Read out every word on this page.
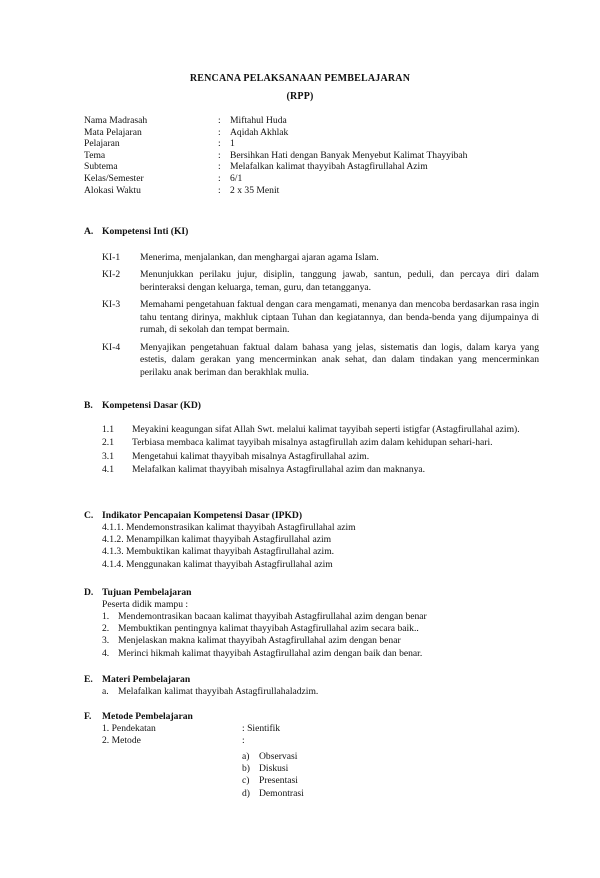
RENCANA PELAKSANAAN PEMBELAJARAN
(RPP)
Nama Madrasah	: Miftahul Huda
Mata Pelajaran	: Aqidah Akhlak
Pelajaran	: 1
Tema	: Bersihkan Hati dengan Banyak Menyebut Kalimat Thayyibah
Subtema	: Melafalkan kalimat thayyibah Astagfirullahal Azim
Kelas/Semester	: 6/1
Alokasi Waktu	: 2 x 35 Menit
A. Kompetensi Inti (KI)
KI-1	Menerima, menjalankan, dan menghargai ajaran agama Islam.
KI-2	Menunjukkan perilaku jujur, disiplin, tanggung jawab, santun, peduli, dan percaya diri dalam berinteraksi dengan keluarga, teman, guru, dan tetangganya.
KI-3	Memahami pengetahuan faktual dengan cara mengamati, menanya dan mencoba berdasarkan rasa ingin tahu tentang dirinya, makhluk ciptaan Tuhan dan kegiatannya, dan benda-benda yang dijumpainya di rumah, di sekolah dan tempat bermain.
KI-4	Menyajikan pengetahuan faktual dalam bahasa yang jelas, sistematis dan logis, dalam karya yang estetis, dalam gerakan yang mencerminkan anak sehat, dan dalam tindakan yang mencerminkan perilaku anak beriman dan berakhlak mulia.
B. Kompetensi Dasar (KD)
1.1	Meyakini keagungan sifat Allah Swt. melalui kalimat tayyibah seperti istigfar (Astagfirullahal azim).
2.1	Terbiasa membaca kalimat tayyibah misalnya astagfirullah azim dalam kehidupan sehari-hari.
3.1	Mengetahui kalimat thayyibah misalnya Astagfirullahal azim.
4.1	Melafalkan kalimat thayyibah misalnya Astagfirullahal azim dan maknanya.
C. Indikator Pencapaian Kompetensi Dasar (IPKD)
4.1.1. Mendemonstrasikan kalimat thayyibah Astagfirullahal azim
4.1.2. Menampilkan kalimat thayyibah Astagfirullahal azim
4.1.3. Membuktikan kalimat thayyibah Astagfirullahal azim.
4.1.4. Menggunakan kalimat thayyibah Astagfirullahal azim
D. Tujuan Pembelajaran
Peserta didik mampu :
1. Mendemontrasikan bacaan kalimat thayyibah Astagfirullahal azim dengan benar
2. Membuktikan pentingnya kalimat thayyibah Astagfirullahal azim secara baik..
3. Menjelaskan makna kalimat thayyibah Astagfirullahal azim dengan benar
4. Merinci hikmah kalimat thayyibah Astagfirullahal azim dengan baik dan benar.
E. Materi Pembelajaran
a. Melafalkan kalimat thayyibah Astagfirullahaladzim.
F.	Metode Pembelajaran
1. Pendekatan	: Sientifik
2. Metode	:
a) Observasi
b) Diskusi
c) Presentasi
d) Demontrasi
